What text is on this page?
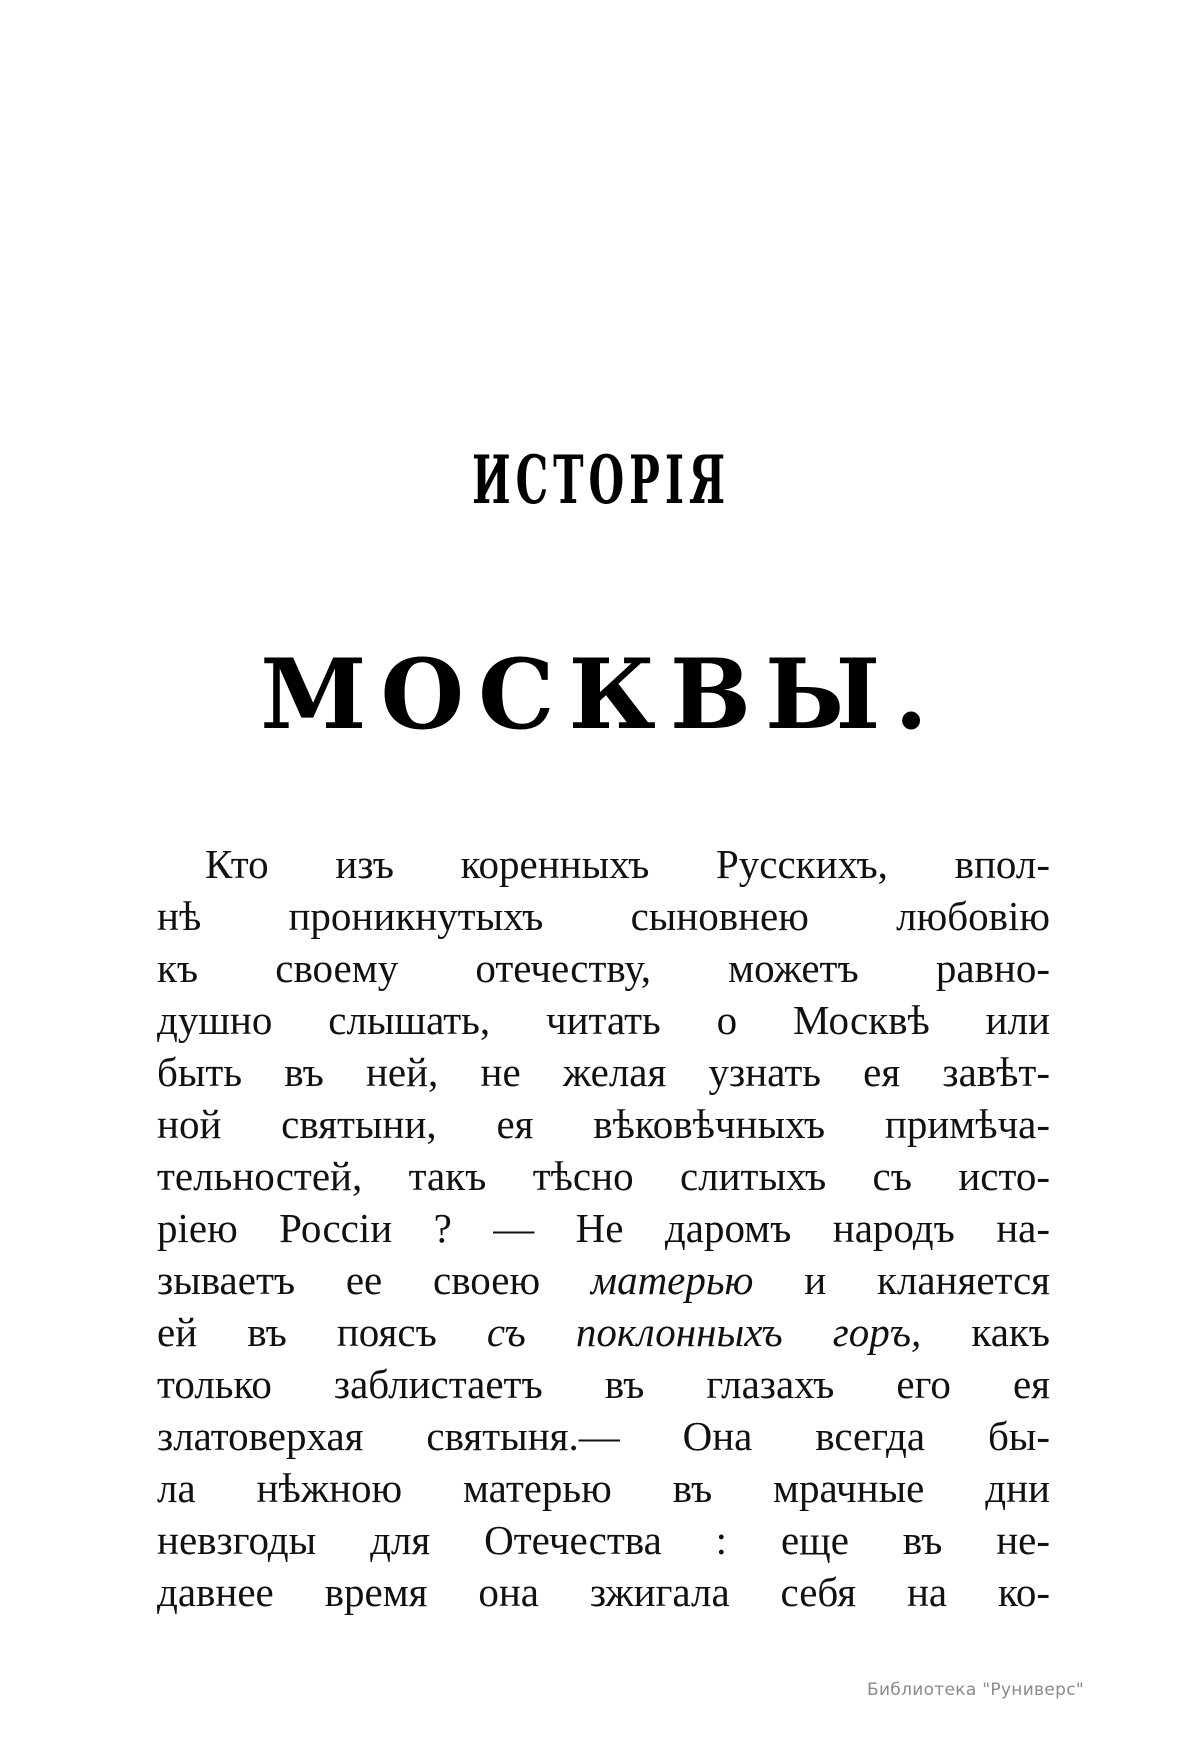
ИСТОРІЯ
МОСКВЫ.
Кто изъ коренныхъ Русскихъ, впол-
нѣ проникнутыхъ сыновнею любовію
къ своему отечеству, можетъ равно-
душно слышать, читать о Москвѣ или
быть въ ней, не желая узнать ея завѣт-
ной святыни, ея вѣковѣчныхъ примѣча-
тельностей, такъ тѣсно слитыхъ съ исто-
ріею Россіи ? — Не даромъ народъ на-
зываетъ ее своею матерью и кланяется
ей въ поясъ съ поклонныхъ горъ, какъ
только заблистаетъ въ глазахъ его ея
златоверхая святыня.— Она всегда бы-
ла нѣжною матерью въ мрачные дни
невзгоды для Отечества : еще въ не-
давнее время она зжигала себя на ко-
Библиотека "Руниверс"
